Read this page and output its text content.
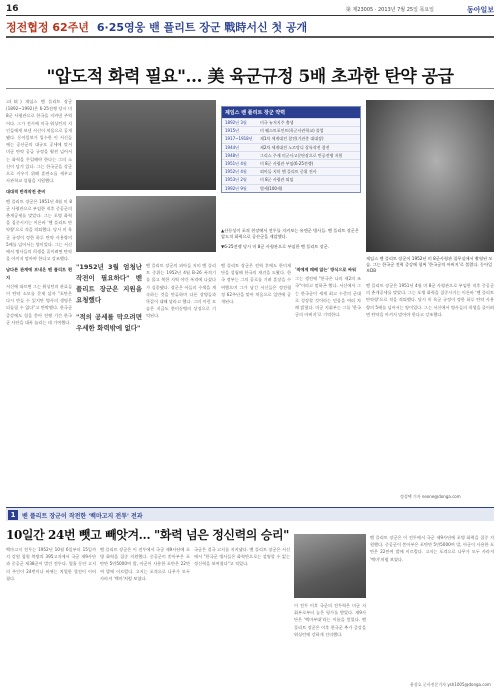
16	第 제23005 · 2013년 7월 25일 목요일	동아일보
정전협정 62주년 6·25영웅 밴 플리트 장군 戰時서신 첫 공개
"압도적 화력 필요"… 美 육군규정 5배 초과한 탄약 공급
고(故) 제임스 밴 플리트 장군(1892~1992)은 6·25전쟁 당시 미 8군 사령관으로 한국을 지켜낸 주역이다. 그가 전시에 미국 워싱턴의 지인들에게 보낸 서신이 처음으로 공개됐다. 동아일보가 입수한 이 서신들에는 공산군의 대규모 공세에 맞서 미군 탄약 공급 규정을 훨씬 넘어서는 화력을 투입해야 한다는 그의 소신이 담겨 있다. 그는 한국군을 강군으로 키우기 위해 훈련소를 세우고 사관학교 설립을 지원했다.
대대적 반격작전 준비
밴 플리트 장군은 1951년 4월 미 8군 사령관으로 부임한 직후 중공군의 춘계공세를 맞았다. 그는 포병 화력을 집중시키는 이른바 '밴 플리트 탄약량'으로 적을 격퇴했다. 당시 미 육군 규정이 정한 하루 탄약 사용량의 5배를 넘어서는 양이었다. 그는 서신에서 병사들의 희생을 줄이려면 탄약을 아끼지 말아야 한다고 강조했다.
남다른 관계에 보내온 밴 플리트 편지
서신에 따르면 그는 워싱턴의 관료들이 탄약 소모를 문제 삼자 "포탄은 다시 만들 수 있지만 병사의 생명은 되돌릴 수 없다"고 반박했다. 한국군 증강에도 힘을 쏟아 전쟁 기간 한국군 사단을 대폭 늘리는 데 기여했다.
▲산등성이 포격 현장에서 전투를 지켜보는 유엔군 병사들. 밴 플리트 장군은 압도적 화력으로 공산군을 제압했다.
▼6·25전쟁 당시 미 8군 사령관으로 부임한 밴 플리트 장군.
제임스 밴 플리트 장군 약력
1892년 3월	미국 뉴저지주 출생
1915년	미 웨스트포인트(육군사관학교) 졸업
1917~1918년	제1차 세계대전 참전(기관총 대대장)
1944년	제2차 세계대전 노르망디 상륙작전 참전
1948년	그리스 주재 미군사고문단장으로 반공전쟁 지원
1951년 4월	미 8군 사령관 부임(6·25전쟁)
1952년 4월	외아들 지미 밴 플리트 중위 전사
1953년 2월	미 8군 사령관 퇴임
1992년 9월	별세(100세)
제임스 밴 플리트 장군이 1952년 미 8군사령관 집무실에서 촬영된 모습. 그는 한국군 전력 증강에 힘써 '한국군의 아버지'로 불렸다. 동아일보DB
"1952년 3월 엄청난 작전이 필요하다" 밴 플리트 장군은 지원을 요청했다
"적의 공세를 막으려면 우세한 화력밖에 없다"
밴 플리트 장군의 외아들 지미 밴 플리트 중위는 1952년 4월 B-26 폭격기를 몰고 북한 지역 야간 폭격에 나섰다가 실종됐다. 장군은 아들의 수색을 계속하는 것을 만류하며 다른 장병들과 똑같이 대해 달라고 했다. 그의 이런 모습은 지금도 한미동맹의 상징으로 기억된다.
밴 플리트 장군은 전역 후에도 한미재단을 설립해 한국의 재건을 도왔다. 한국 정부는 그의 공로를 기려 훈장을 수여했으며 그가 남긴 서신들은 정전협정 62주년을 맞아 처음으로 일반에 공개된다.
'적에게 패배 않는' 방식으로 싸워
그는 생전에 "한국은 나의 제2의 조국"이라고 말하곤 했다. 서신에서 그는 한국군이 세계 최고 수준의 군대로 성장할 것이라는 믿음을 여러 차례 밝혔다. 미군 지휘부는 그를 '한국군의 아버지'로 기억한다.
밴 플리트 장군은 1951년 4월 미 8군 사령관으로 부임한 직후 중공군의 춘계공세를 맞았다. 그는 포병 화력을 집중시키는 이른바 '밴 플리트 탄약량'으로 적을 격퇴했다. 당시 미 육군 규정이 정한 하루 탄약 사용량의 5배를 넘어서는 양이었다. 그는 서신에서 병사들의 희생을 줄이려면 탄약을 아끼지 말아야 한다고 강조했다.
정성택 기자 neone@donga.com
1	밴 플리트 장군이 작전한 '백마고지 전투' 전과
10일간 24번 뺏고 빼앗겨… "화력 넘은 정신력의 승리"
백마고지 전투는 1952년 10월 6일부터 15일까지 강원 철원 북방의 395고지에서 국군 제9사단과 중공군 제38군이 벌인 전투다. 열흘 동안 고지의 주인이 24번이나 바뀌는 치열한 혈전이 이어졌다.
밴 플리트 장군은 이 전투에서 국군 제9사단에 포병 화력을 집중 지원했다. 중공군이 쏟아부은 포탄만 5만5000여 발, 아군이 사용한 포탄은 22만여 발에 이르렀다. 고지는 포격으로 나무가 모두 사라져 '백마'처럼 보였다.
국군은 결국 고지를 지켜냈다. 밴 플리트 장군은 서신에서 "한국군 병사들은 화력만으로는 설명할 수 없는 정신력을 보여줬다"고 적었다.
이 전투 이후 국군의 전투력은 미군 지휘부로부터 높은 평가를 받았다. 제9사단은 '백마부대'라는 이름을 얻었다. 밴 플리트 장군은 이후 한국군 추가 증강을 워싱턴에 강하게 건의했다.
밴 플리트 장군은 이 전투에서 국군 제9사단에 포병 화력을 집중 지원했다. 중공군이 쏟아부은 포탄만 5만5000여 발, 아군이 사용한 포탄은 22만여 발에 이르렀다. 고지는 포격으로 나무가 모두 사라져 '백마'처럼 보였다.
윤상호 군사전문기자 ysh1005@donga.com
